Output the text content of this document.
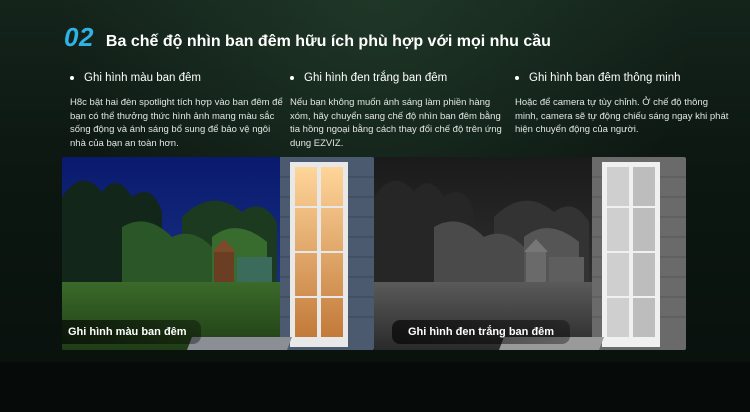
02 Ba chế độ nhìn ban đêm hữu ích phù hợp với mọi nhu cầu
Ghi hình màu ban đêm

H8c bật hai đèn spotlight tích hợp vào ban đêm để bạn có thể thưởng thức hình ảnh mang màu sắc sống động và ánh sáng bổ sung để bảo vệ ngôi nhà của bạn an toàn hơn.

Ghi hình đen trắng ban đêm

Nếu bạn không muốn ánh sáng làm phiền hàng xóm, hãy chuyển sang chế độ nhìn ban đêm bằng tia hồng ngoại bằng cách thay đổi chế độ trên ứng dụng EZVIZ.

Ghi hình ban đêm thông minh

Hoặc để camera tự tùy chỉnh. Ở chế độ thông minh, camera sẽ tự động chiếu sáng ngay khi phát hiện chuyển động của người.

Ghi hình màu ban đêm	Ghi hình đen trắng ban đêm
